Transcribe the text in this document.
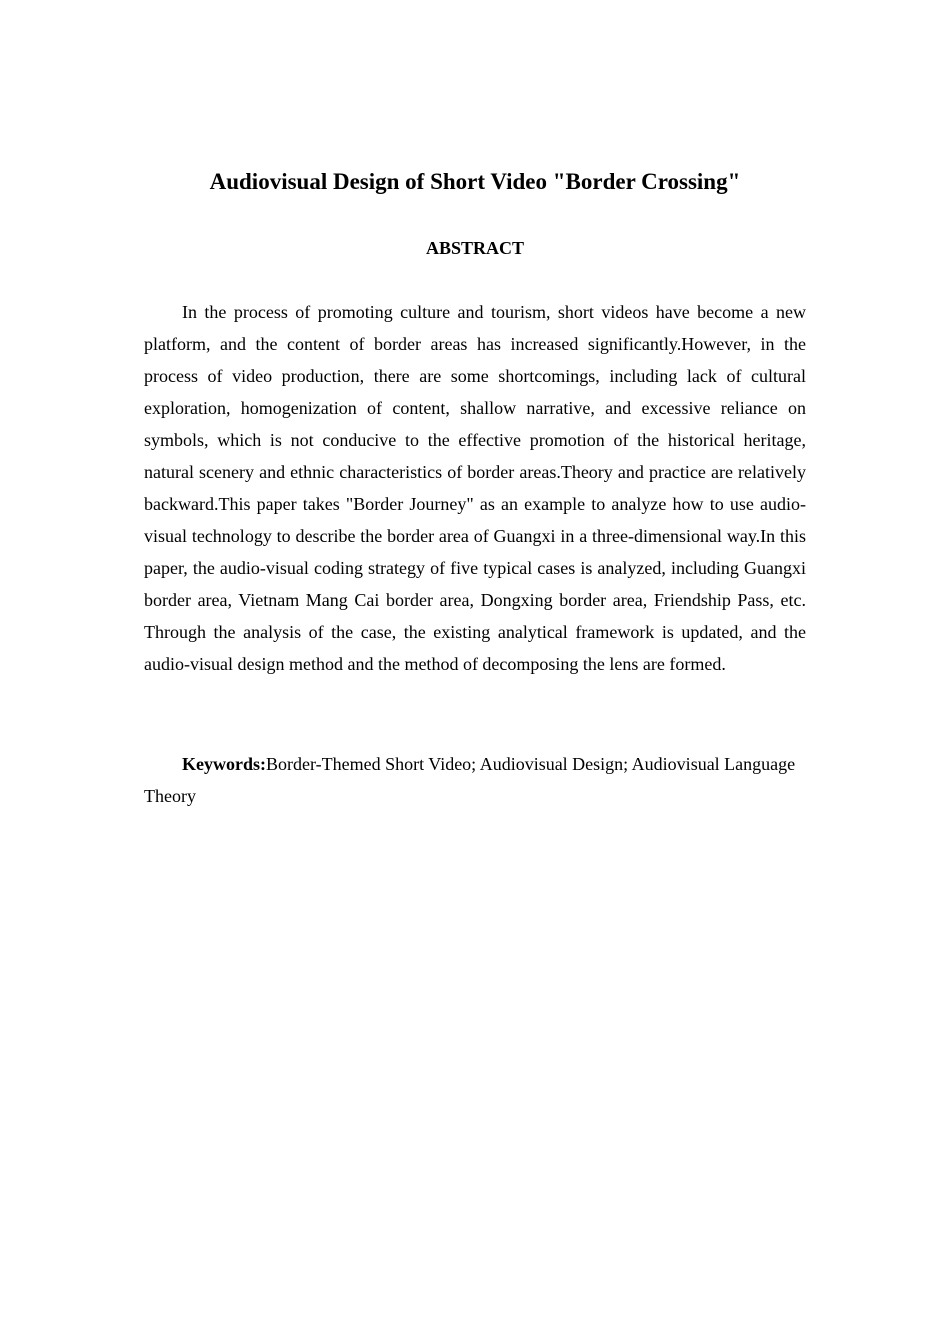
Audiovisual Design of Short Video "Border Crossing"
ABSTRACT

In the process of promoting culture and tourism, short videos have become a new platform, and the content of border areas has increased significantly.However, in the process of video production, there are some shortcomings, including lack of cultural exploration, homogenization of content, shallow narrative, and excessive reliance on symbols, which is not conducive to the effective promotion of the historical heritage, natural scenery and ethnic characteristics of border areas.Theory and practice are relatively backward.This paper takes "Border Journey" as an example to analyze how to use audio-visual technology to describe the border area of Guangxi in a three-dimensional way.In this paper, the audio-visual coding strategy of five typical cases is analyzed, including Guangxi border area, Vietnam Mang Cai border area, Dongxing border area, Friendship Pass, etc. Through the analysis of the case, the existing analytical framework is updated, and the audio-visual design method and the method of decomposing the lens are formed.

Keywords:Border-Themed Short Video; Audiovisual Design; Audiovisual Language Theory
